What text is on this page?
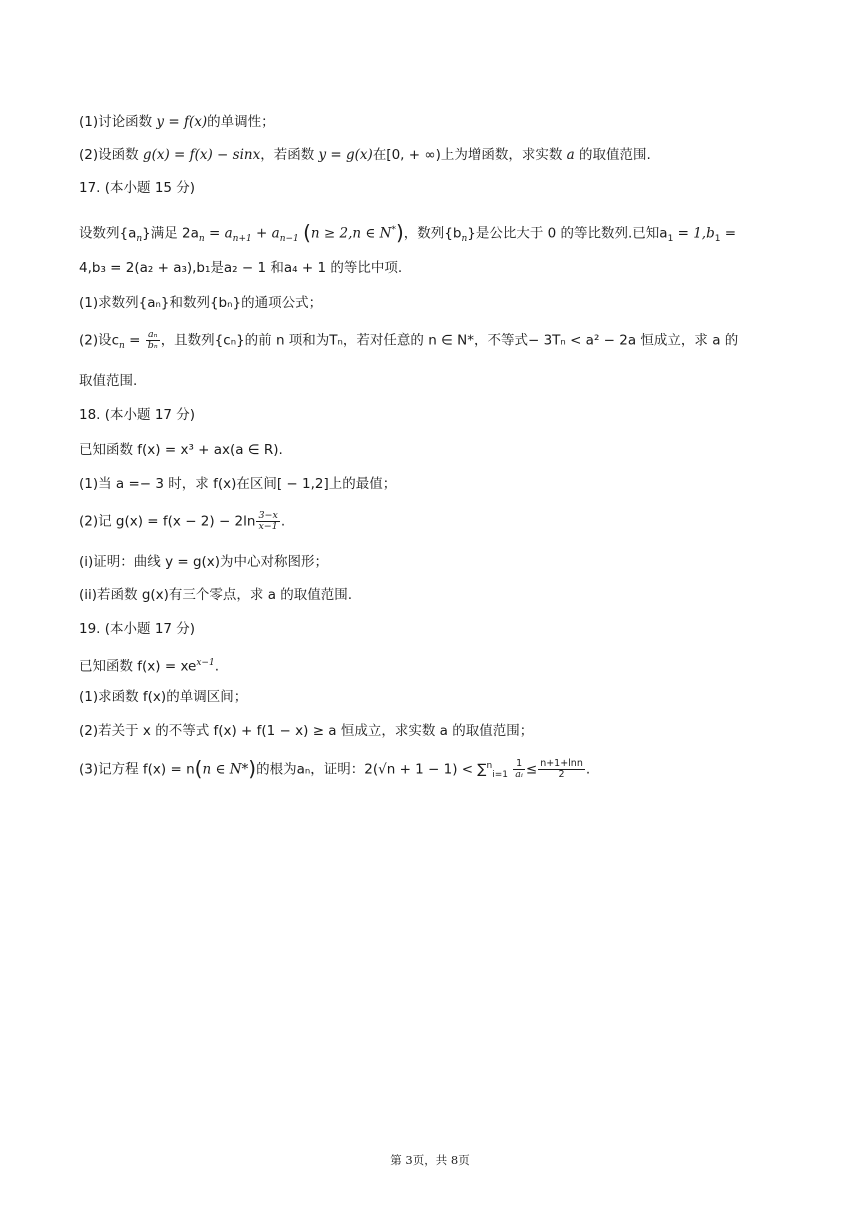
(1)讨论函数 y = f(x)的单调性；
(2)设函数 g(x) = f(x) − sinx，若函数 y = g(x)在[0, + ∞)上为增函数，求实数 a 的取值范围.
17. (本小题 15 分)
设数列$\{a_n\}$满足 $2a_n = a_{n+1} + a_{n-1}$ (n ≥ 2,n ∈ N*)，数列$\{b_n\}$是公比大于 0 的等比数列.已知$a_1 = 1,b_1$ =
4,b₃ = 2(a₂ + a₃),b₁是a₂ − 1 和a₄ + 1 的等比中项.
(1)求数列{aₙ}和数列{bₙ}的通项公式；
(2)设$c_n = \frac{\text{aₙ}}{\text{bₙ}}$ ，且数列{cₙ}的前 n 项和为Tₙ，若对任意的 n ∈ N*，不等式− 3Tₙ < a² − 2a 恒成立，求 a 的
取值范围.
18. (本小题 17 分)
已知函数 f(x) = x³ + ax(a ∈ R).
(1)当 a =− 3 时，求 f(x)在区间[ − 1,2]上的最值；
(2)记 $g(x) = f(x - 2) - 2\ln \frac{3-x}{x-1}$ .
(i)证明：曲线 y = g(x)为中心对称图形；
(ii)若函数 g(x)有三个零点，求 a 的取值范围.
19. (本小题 17 分)
已知函数 $f(x) = xe^{x-1}$.
(1)求函数 f(x)的单调区间；
(2)若关于 x 的不等式 f(x) + f(1 − x) ≥ a 恒成立，求实数 a 的取值范围；
(3)记方程 f(x) = n(n ∈ N*)的根为aₙ，证明：$2(√n + 1 - 1) < \sum^n_{i=1} \frac{1}{\text{aᵢ}} \le \frac{n+1+\ln n}{2}$ .
第 3页，共 8页
